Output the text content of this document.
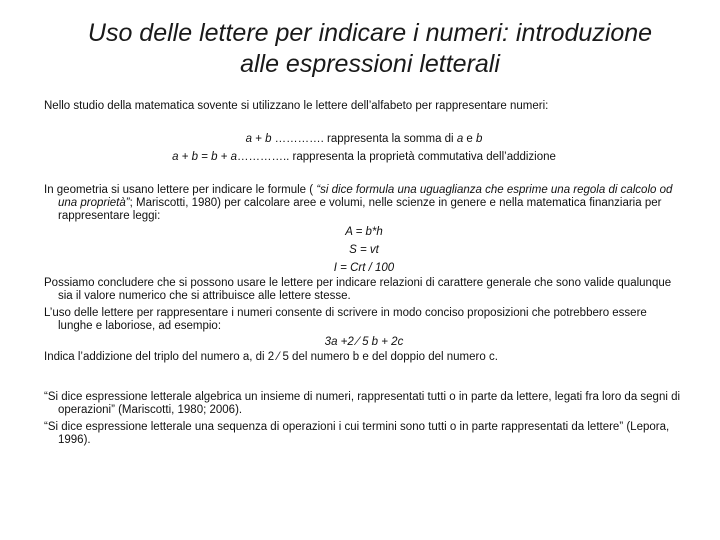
Uso delle lettere per indicare i numeri: introduzione
alle espressioni letterali

Nello studio della matematica sovente si utilizzano le lettere dell’alfabeto per rappresentare numeri:

a + b …………. rappresenta la somma di a e b

a + b = b + a………….. rappresenta la proprietà commutativa dell’addizione

In geometria si usano lettere per indicare le formule ( “si dice formula una uguaglianza che esprime una regola di calcolo od una proprietà”; Mariscotti, 1980) per calcolare aree e volumi, nelle scienze in genere e nella matematica finanziaria per rappresentare leggi:

A = b*h

S = vt

I = Crt / 100

Possiamo concludere che si possono usare le lettere per indicare relazioni di carattere generale che sono valide qualunque sia il valore numerico che si attribuisce alle lettere stesse.

L’uso delle lettere per rappresentare i numeri consente di scrivere in modo conciso proposizioni che potrebbero essere lunghe e laboriose, ad esempio:

3a +2 ⁄ 5 b + 2c

Indica l’addizione del triplo del numero a, di 2 ⁄ 5 del numero b e del doppio del numero c.

“Si dice espressione letterale algebrica un insieme di numeri, rappresentati tutti o in parte da lettere, legati fra loro da segni di operazioni” (Mariscotti, 1980; 2006).

“Si dice espressione letterale una sequenza di operazioni i cui termini sono tutti o in parte rappresentati da lettere” (Lepora, 1996).
